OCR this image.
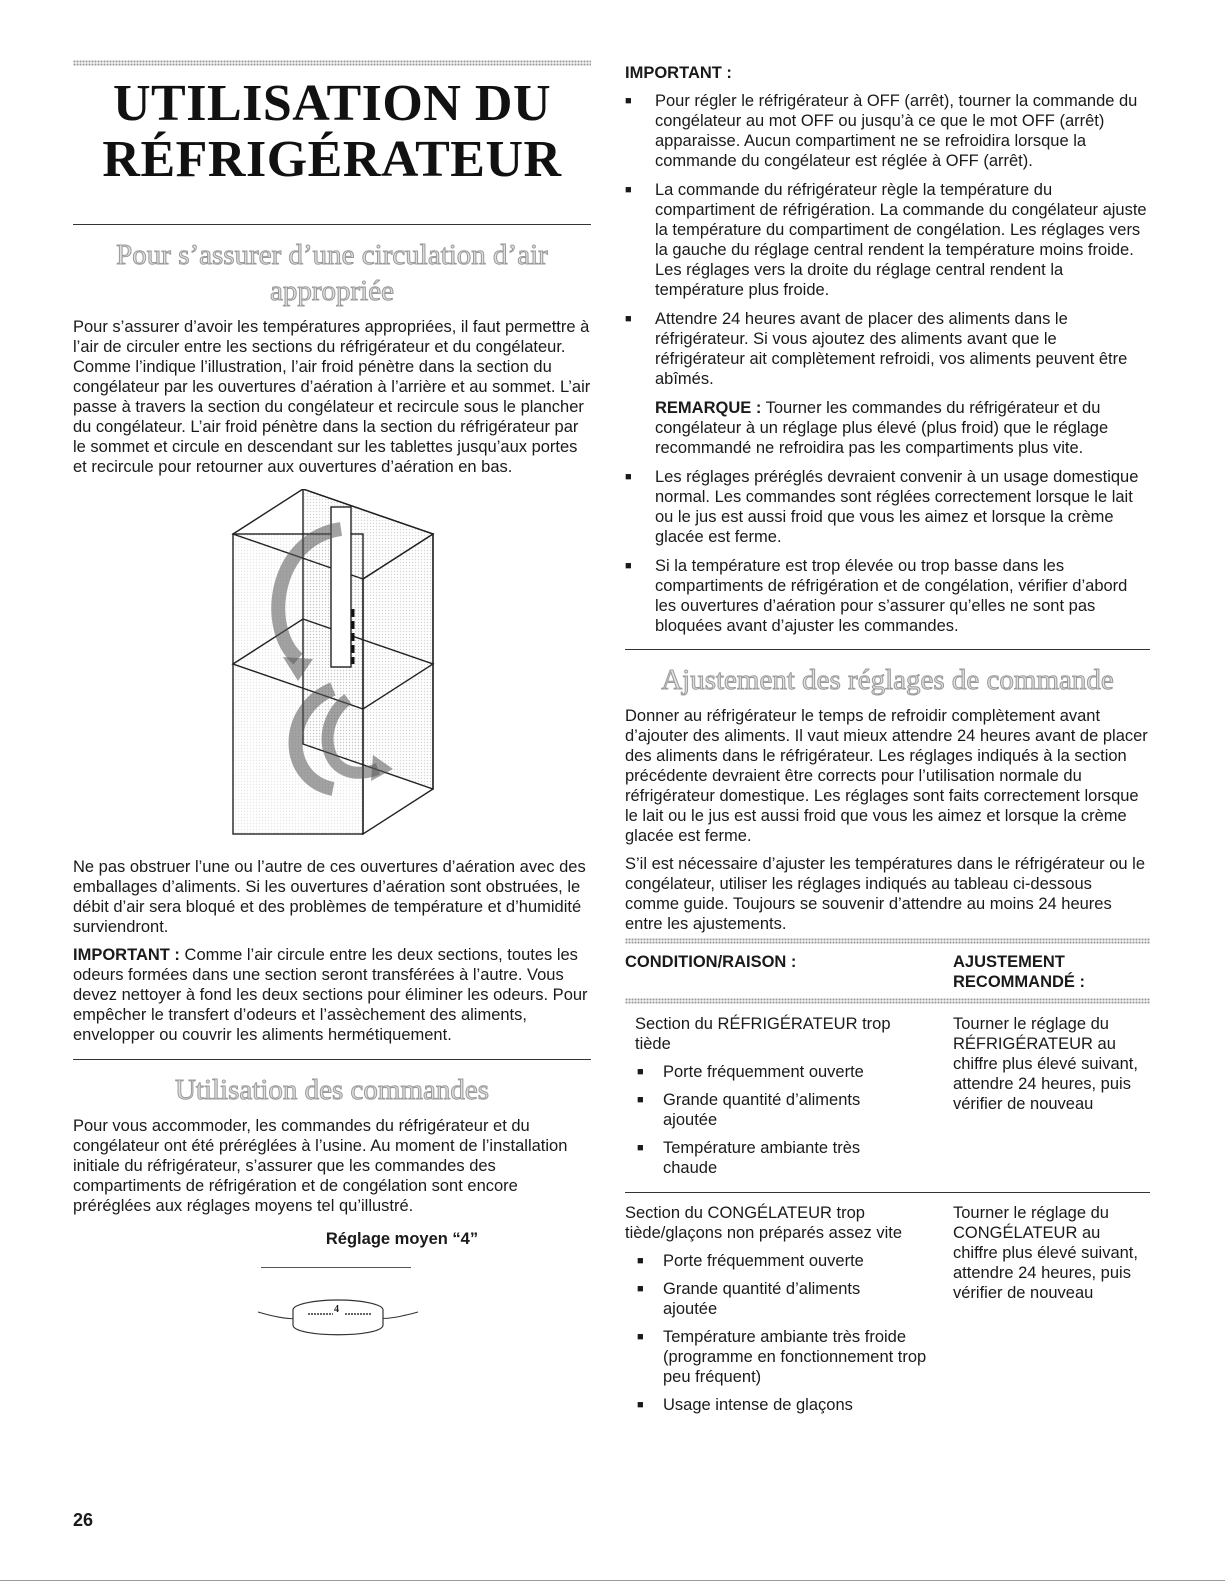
UTILISATION DU RÉFRIGÉRATEUR
Pour s’assurer d’une circulation d’air appropriée

Pour s’assurer d’avoir les températures appropriées, il faut permettre à l’air de circuler entre les sections du réfrigérateur et du congélateur. Comme l’indique l’illustration, l’air froid pénètre dans la section du congélateur par les ouvertures d’aération à l’arrière et au sommet. L’air passe à travers la section du congélateur et recircule sous le plancher du congélateur. L’air froid pénètre dans la section du réfrigérateur par le sommet et circule en descendant sur les tablettes jusqu’aux portes et recircule pour retourner aux ouvertures d’aération en bas.

Ne pas obstruer l’une ou l’autre de ces ouvertures d’aération avec des emballages d’aliments. Si les ouvertures d’aération sont obstruées, le débit d’air sera bloqué et des problèmes de température et d’humidité surviendront.

IMPORTANT : Comme l’air circule entre les deux sections, toutes les odeurs formées dans une section seront transférées à l’autre. Vous devez nettoyer à fond les deux sections pour éliminer les odeurs. Pour empêcher le transfert d’odeurs et l’assèchement des aliments, envelopper ou couvrir les aliments hermétiquement.

Utilisation des commandes

Pour vous accommoder, les commandes du réfrigérateur et du congélateur ont été préréglées à l’usine. Au moment de l’installation initiale du réfrigérateur, s’assurer que les commandes des compartiments de réfrigération et de congélation sont encore préréglées aux réglages moyens tel qu’illustré.

Réglage moyen “4”
4
IMPORTANT :
■ Pour régler le réfrigérateur à OFF (arrêt), tourner la commande du congélateur au mot OFF ou jusqu’à ce que le mot OFF (arrêt) apparaisse. Aucun compartiment ne se refroidira lorsque la commande du congélateur est réglée à OFF (arrêt).
■ La commande du réfrigérateur règle la température du compartiment de réfrigération. La commande du congélateur ajuste la température du compartiment de congélation. Les réglages vers la gauche du réglage central rendent la température moins froide. Les réglages vers la droite du réglage central rendent la température plus froide.
■ Attendre 24 heures avant de placer des aliments dans le réfrigérateur. Si vous ajoutez des aliments avant que le réfrigérateur ait complètement refroidi, vos aliments peuvent être abîmés.
REMARQUE : Tourner les commandes du réfrigérateur et du congélateur à un réglage plus élevé (plus froid) que le réglage recommandé ne refroidira pas les compartiments plus vite.
■ Les réglages préréglés devraient convenir à un usage domestique normal. Les commandes sont réglées correctement lorsque le lait ou le jus est aussi froid que vous les aimez et lorsque la crème glacée est ferme.
■ Si la température est trop élevée ou trop basse dans les compartiments de réfrigération et de congélation, vérifier d’abord les ouvertures d’aération pour s’assurer qu’elles ne sont pas bloquées avant d’ajuster les commandes.
Ajustement des réglages de commande

Donner au réfrigérateur le temps de refroidir complètement avant d’ajouter des aliments. Il vaut mieux attendre 24 heures avant de placer des aliments dans le réfrigérateur. Les réglages indiqués à la section précédente devraient être corrects pour l’utilisation normale du réfrigérateur domestique. Les réglages sont faits correctement lorsque le lait ou le jus est aussi froid que vous les aimez et lorsque la crème glacée est ferme.

S’il est nécessaire d’ajuster les températures dans le réfrigérateur ou le congélateur, utiliser les réglages indiqués au tableau ci-dessous comme guide. Toujours se souvenir d’attendre au moins 24 heures entre les ajustements.

CONDITION/RAISON :	AJUSTEMENT
RECOMMANDÉ :
Section du RÉFRIGÉRATEUR trop tiède
■ Porte fréquemment ouverte
■ Grande quantité d’aliments ajoutée
■ Température ambiante très chaude
Tourner le réglage du RÉFRIGÉRATEUR au chiffre plus élevé suivant, attendre 24 heures, puis vérifier de nouveau
Section du CONGÉLATEUR trop tiède/glaçons non préparés assez vite
■ Porte fréquemment ouverte
■ Grande quantité d’aliments ajoutée
■ Température ambiante très froide (programme en fonctionnement trop peu fréquent)
■ Usage intense de glaçons
Tourner le réglage du CONGÉLATEUR au chiffre plus élevé suivant, attendre 24 heures, puis vérifier de nouveau
26
